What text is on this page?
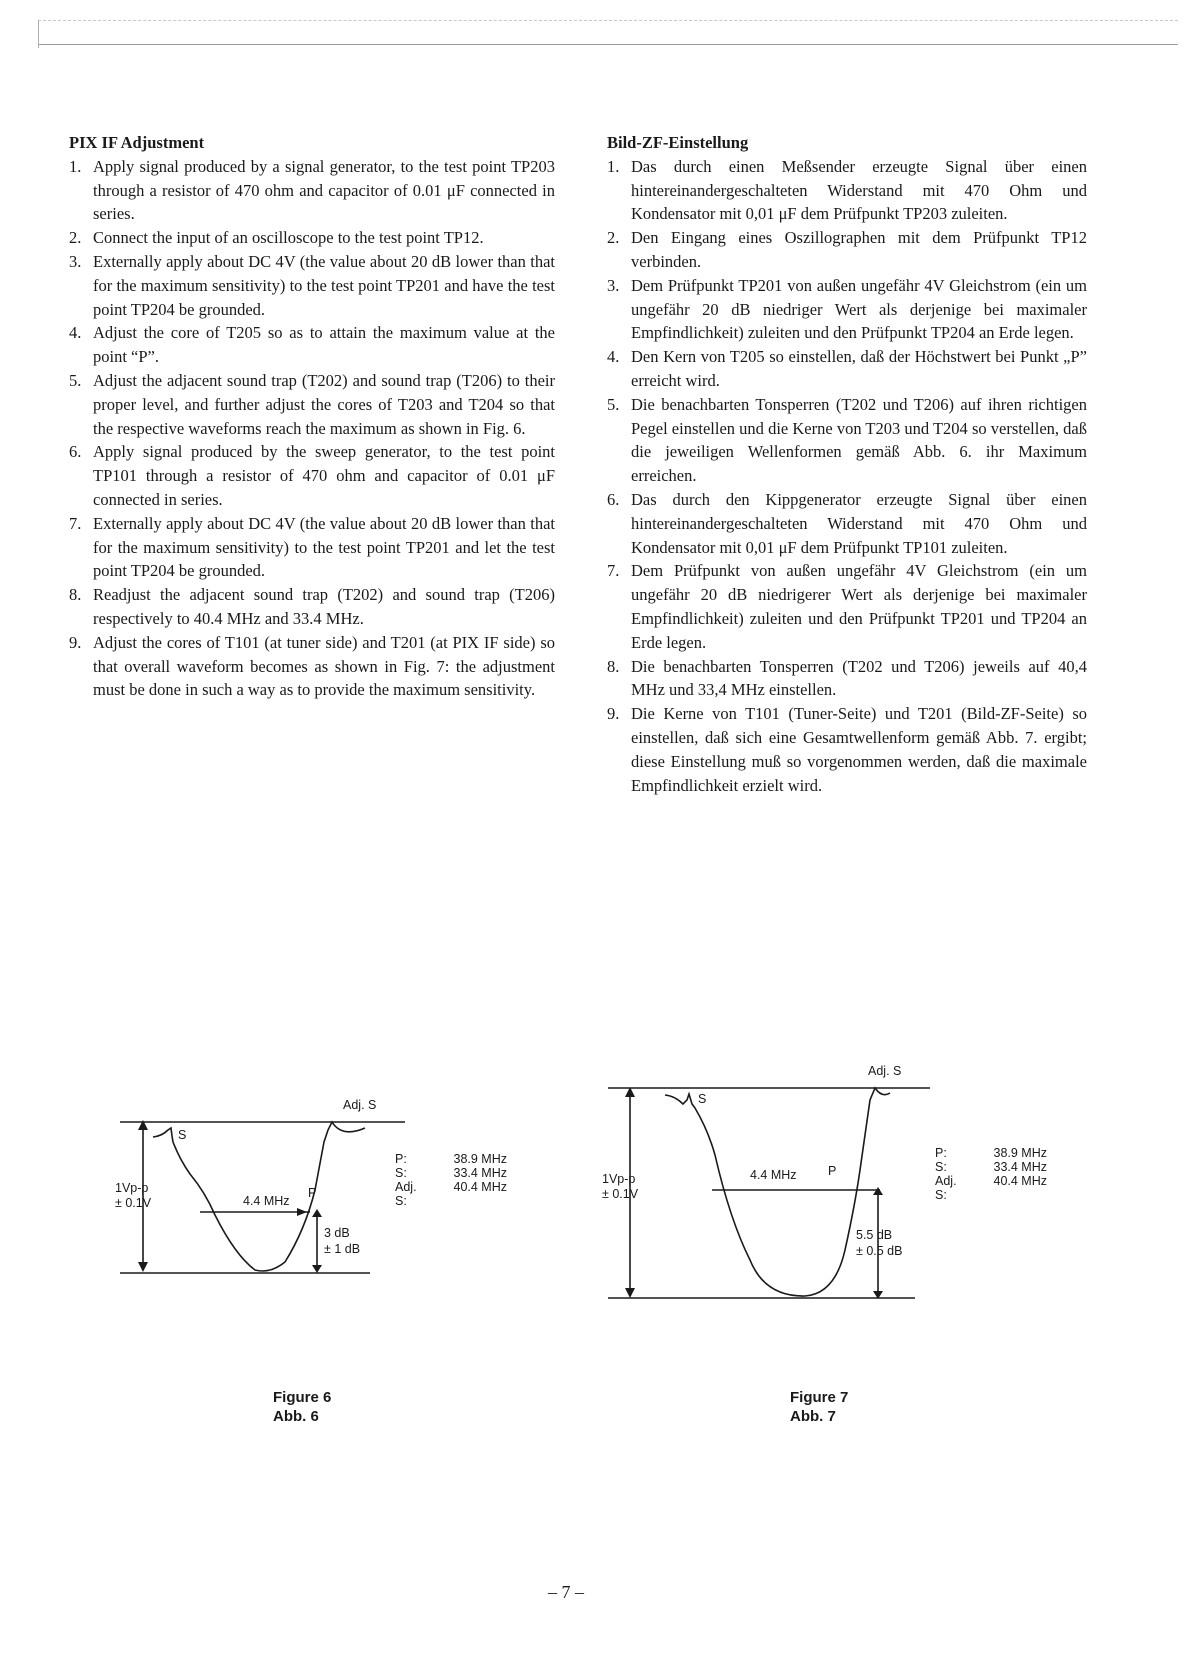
PIX IF Adjustment
1. Apply signal produced by a signal generator, to the test point TP203 through a resistor of 470 ohm and capacitor of 0.01 μF connected in series.
2. Connect the input of an oscilloscope to the test point TP12.
3. Externally apply about DC 4V (the value about 20 dB lower than that for the maximum sensitivity) to the test point TP201 and have the test point TP204 be grounded.
4. Adjust the core of T205 so as to attain the maximum value at the point “P”.
5. Adjust the adjacent sound trap (T202) and sound trap (T206) to their proper level, and further adjust the cores of T203 and T204 so that the respective waveforms reach the maximum as shown in Fig. 6.
6. Apply signal produced by the sweep generator, to the test point TP101 through a resistor of 470 ohm and capacitor of 0.01 μF connected in series.
7. Externally apply about DC 4V (the value about 20 dB lower than that for the maximum sensitivity) to the test point TP201 and let the test point TP204 be grounded.
8. Readjust the adjacent sound trap (T202) and sound trap (T206) respectively to 40.4 MHz and 33.4 MHz.
9. Adjust the cores of T101 (at tuner side) and T201 (at PIX IF side) so that overall waveform becomes as shown in Fig. 7: the adjustment must be done in such a way as to provide the maximum sensitivity.
Bild-ZF-Einstellung
1. Das durch einen Meßsender erzeugte Signal über einen hintereinandergeschalteten Widerstand mit 470 Ohm und Kondensator mit 0,01 μF dem Prüfpunkt TP203 zuleiten.
2. Den Eingang eines Oszillographen mit dem Prüfpunkt TP12 verbinden.
3. Dem Prüfpunkt TP201 von außen ungefähr 4V Gleichstrom (ein um ungefähr 20 dB niedriger Wert als derjenige bei maximaler Empfindlichkeit) zuleiten und den Prüfpunkt TP204 an Erde legen.
4. Den Kern von T205 so einstellen, daß der Höchstwert bei Punkt „P” erreicht wird.
5. Die benachbarten Tonsperren (T202 und T206) auf ihren richtigen Pegel einstellen und die Kerne von T203 und T204 so verstellen, daß die jeweiligen Wellenformen gemäß Abb. 6. ihr Maximum erreichen.
6. Das durch den Kippgenerator erzeugte Signal über einen hintereinandergeschalteten Widerstand mit 470 Ohm und Kondensator mit 0,01 μF dem Prüfpunkt TP101 zuleiten.
7. Dem Prüfpunkt von außen ungefähr 4V Gleichstrom (ein um ungefähr 20 dB niedrigerer Wert als derjenige bei maximaler Empfindlichkeit) zuleiten und den Prüfpunkt TP201 und TP204 an Erde legen.
8. Die benachbarten Tonsperren (T202 und T206) jeweils auf 40,4 MHz und 33,4 MHz einstellen.
9. Die Kerne von T101 (Tuner-Seite) und T201 (Bild-ZF-Seite) so einstellen, daß sich eine Gesamtwellenform gemäß Abb. 7. ergibt; diese Einstellung muß so vorgenommen werden, daß die maximale Empfindlichkeit erzielt wird.
Adj. S
S
P
1Vp-p
± 0.1V	4.4 MHz
3 dB
± 1 dB
P:	38.9 MHz
S:	33.4 MHz
Adj. S:
40.4 MHz
Adj. S
S
P
1Vp-p
± 0.1V
4.4 MHz
5.5 dB
± 0.5 dB
P:	38.9 MHz
S:	33.4 MHz
Adj. S:
40.4 MHz
Figure 6
Abb. 6
Figure 7
Abb. 7
– 7 –
